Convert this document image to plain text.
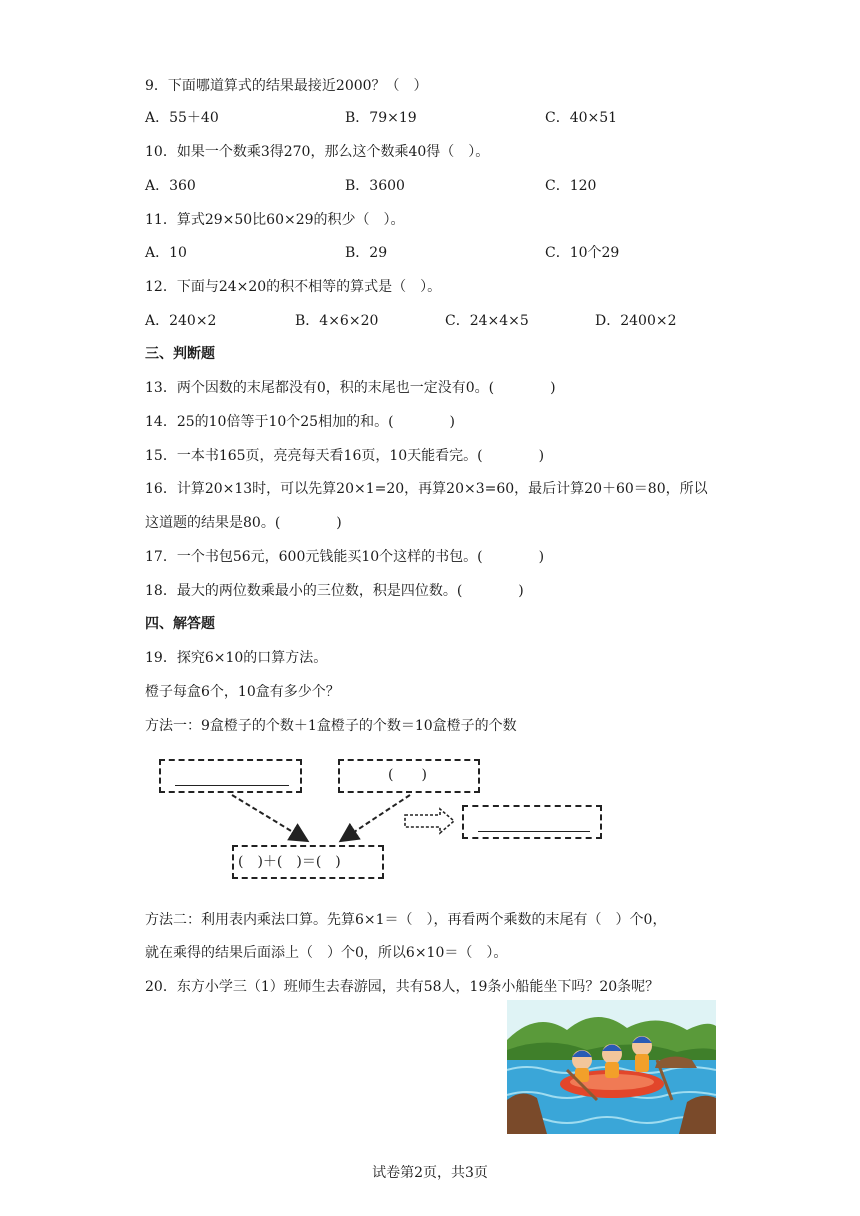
9．下面哪道算式的结果最接近2000？（　）
A．55＋40	B．79×19	C．40×51
10．如果一个数乘3得270，那么这个数乘40得（　）。
A．360	B．3600	C．120
11．算式29×50比60×29的积少（　）。
A．10	B．29	C．10个29
12．下面与24×20的积不相等的算式是（　）。
A．240×2	B．4×6×20	C．24×4×5	D．2400×2
三、判断题
13．两个因数的末尾都没有0，积的末尾也一定没有0。(　　　　)
14．25的10倍等于10个25相加的和。(　　　　)
15．一本书165页，亮亮每天看16页，10天能看完。(　　　　)
16．计算20×13时，可以先算20×1=20，再算20×3=60，最后计算20＋60＝80，所以
这道题的结果是80。(　　　　)
17．一个书包56元，600元钱能买10个这样的书包。(　　　　)
18．最大的两位数乘最小的三位数，积是四位数。(　　　　)
四、解答题
19．探究6×10的口算方法。
橙子每盒6个，10盒有多少个？
方法一：9盒橙子的个数＋1盒橙子的个数＝10盒橙子的个数
(　　)
(　)＋(　)＝(　)
方法二：利用表内乘法口算。先算6×1＝（　），再看两个乘数的末尾有（　）个0，
就在乘得的结果后面添上（　）个0，所以6×10＝（　）。
20．东方小学三（1）班师生去春游园，共有58人，19条小船能坐下吗？20条呢？
试卷第2页，共3页
